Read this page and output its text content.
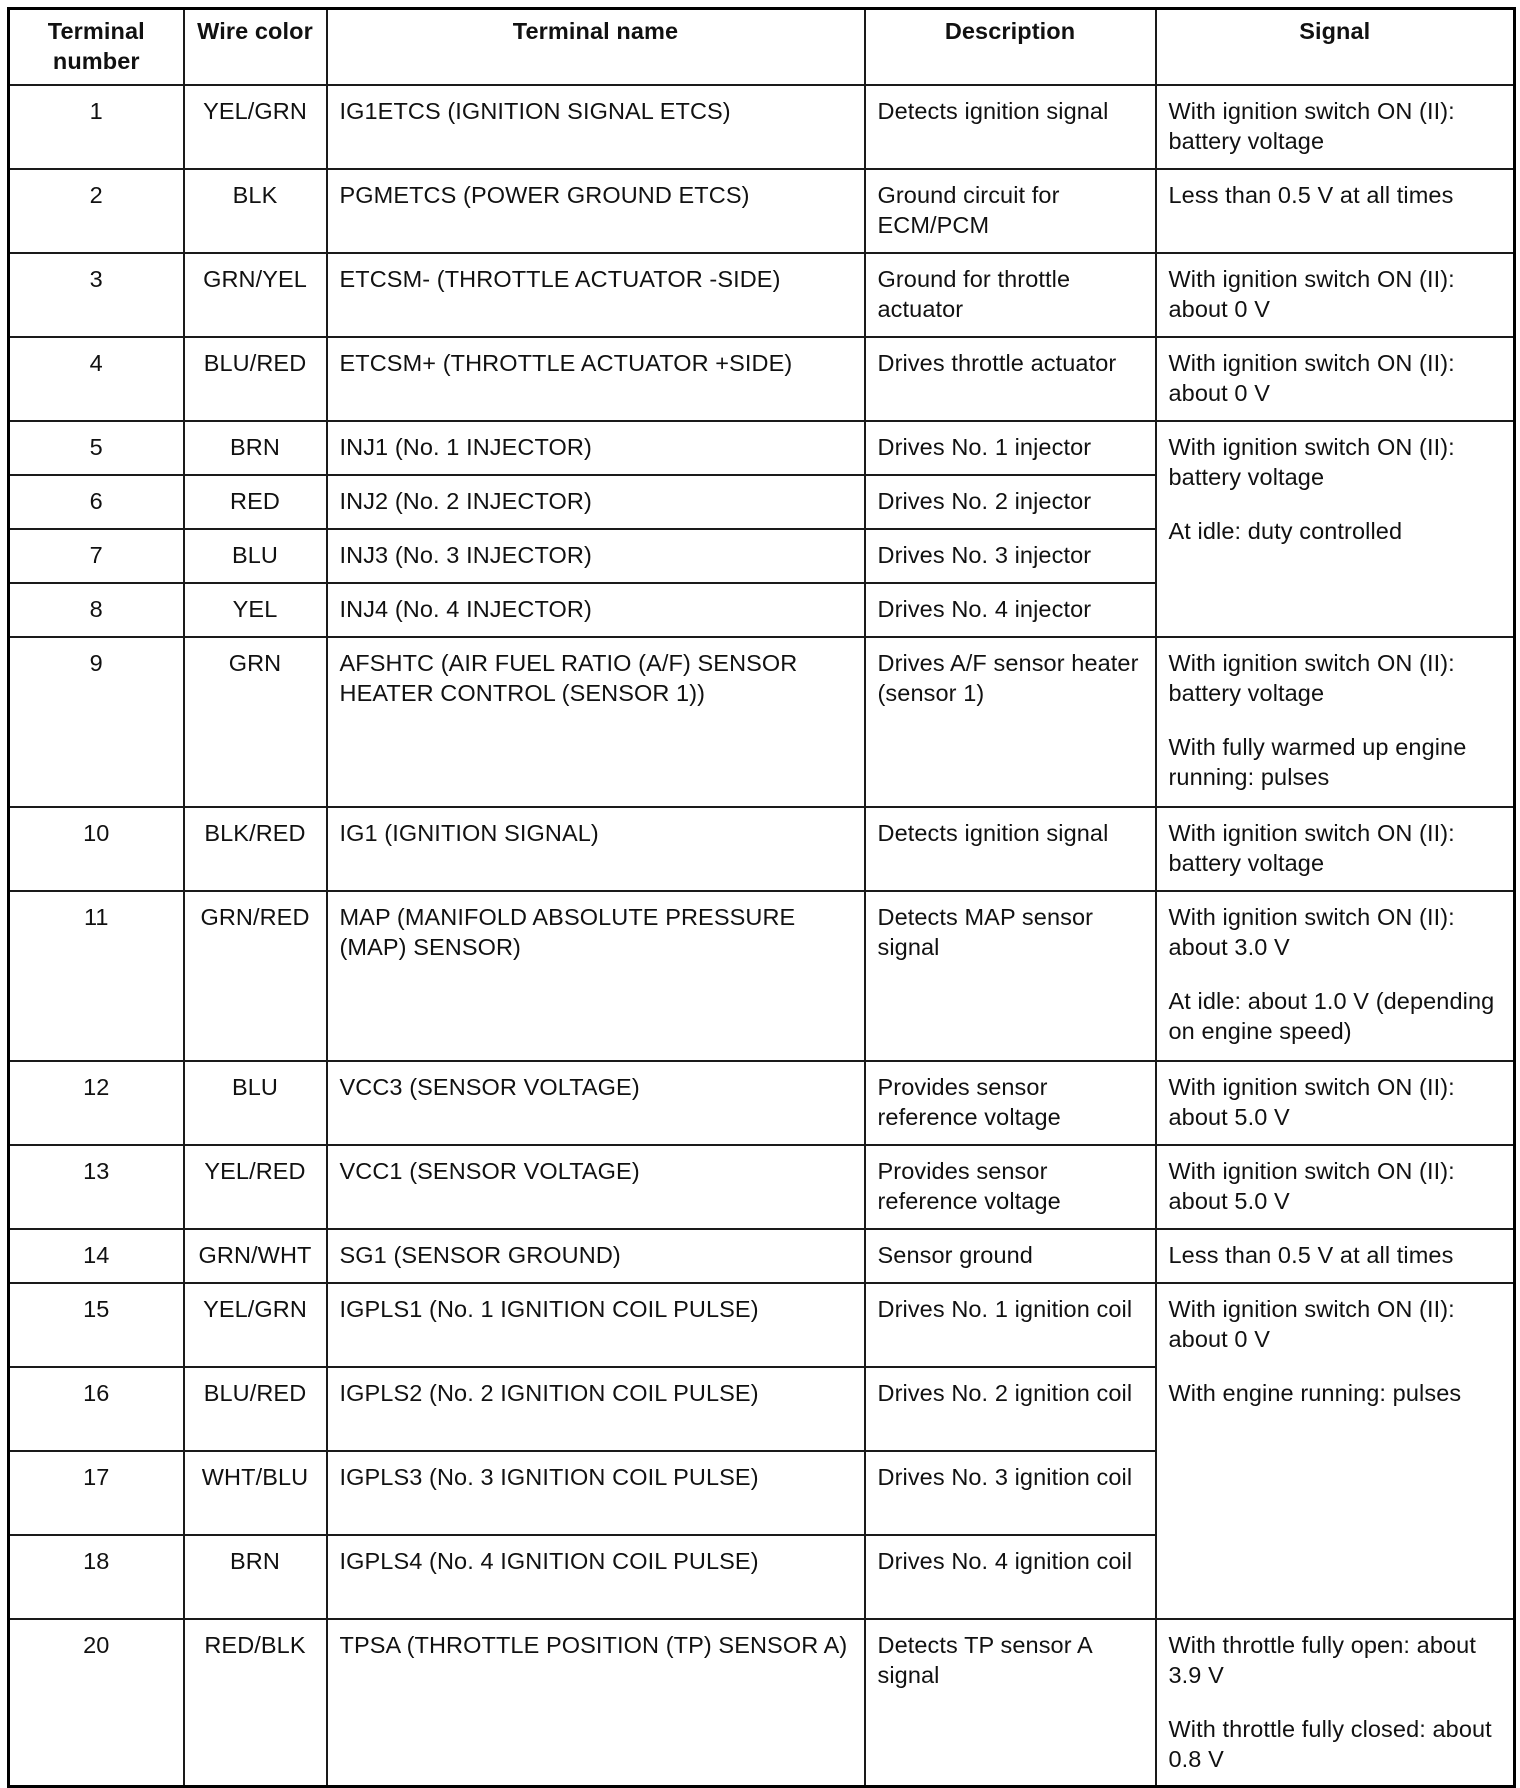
Terminal number	Wire color	Terminal name	Description	Signal

1	YEL/GRN	IG1ETCS (IGNITION SIGNAL ETCS)	Detects ignition signal	With ignition switch ON (II): battery voltage

2	BLK	PGMETCS (POWER GROUND ETCS)	Ground circuit for ECM/PCM	Less than 0.5 V at all times

3	GRN/YEL	ETCSM- (THROTTLE ACTUATOR -SIDE)	Ground for throttle actuator	With ignition switch ON (II): about 0 V

4	BLU/RED	ETCSM+ (THROTTLE ACTUATOR +SIDE)	Drives throttle actuator	With ignition switch ON (II): about 0 V

5	BRN	INJ1 (No. 1 INJECTOR)	Drives No. 1 injector	With ignition switch ON (II): battery voltage
At idle: duty controlled

6	RED	INJ2 (No. 2 INJECTOR)	Drives No. 2 injector	

7	BLU	INJ3 (No. 3 INJECTOR)	Drives No. 3 injector	

8	YEL	INJ4 (No. 4 INJECTOR)	Drives No. 4 injector	

9	GRN	AFSHTC (AIR FUEL RATIO (A/F) SENSOR HEATER CONTROL (SENSOR 1))	Drives A/F sensor heater (sensor 1)	With ignition switch ON (II): battery voltage
With fully warmed up engine running: pulses

10	BLK/RED	IG1 (IGNITION SIGNAL)	Detects ignition signal	With ignition switch ON (II): battery voltage

11	GRN/RED	MAP (MANIFOLD ABSOLUTE PRESSURE (MAP) SENSOR)	Detects MAP sensor signal	With ignition switch ON (II): about 3.0 V
At idle: about 1.0 V (depending on engine speed)

12	BLU	VCC3 (SENSOR VOLTAGE)	Provides sensor reference voltage	With ignition switch ON (II): about 5.0 V

13	YEL/RED	VCC1 (SENSOR VOLTAGE)	Provides sensor reference voltage	With ignition switch ON (II): about 5.0 V

14	GRN/WHT	SG1 (SENSOR GROUND)	Sensor ground	Less than 0.5 V at all times

15	YEL/GRN	IGPLS1 (No. 1 IGNITION COIL PULSE)	Drives No. 1 ignition coil	With ignition switch ON (II): about 0 V
With engine running: pulses

16	BLU/RED	IGPLS2 (No. 2 IGNITION COIL PULSE)	Drives No. 2 ignition coil	

17	WHT/BLU	IGPLS3 (No. 3 IGNITION COIL PULSE)	Drives No. 3 ignition coil	

18	BRN	IGPLS4 (No. 4 IGNITION COIL PULSE)	Drives No. 4 ignition coil	

20	RED/BLK	TPSA (THROTTLE POSITION (TP) SENSOR A)	Detects TP sensor A signal	With throttle fully open: about 3.9 V
With throttle fully closed: about 0.8 V
